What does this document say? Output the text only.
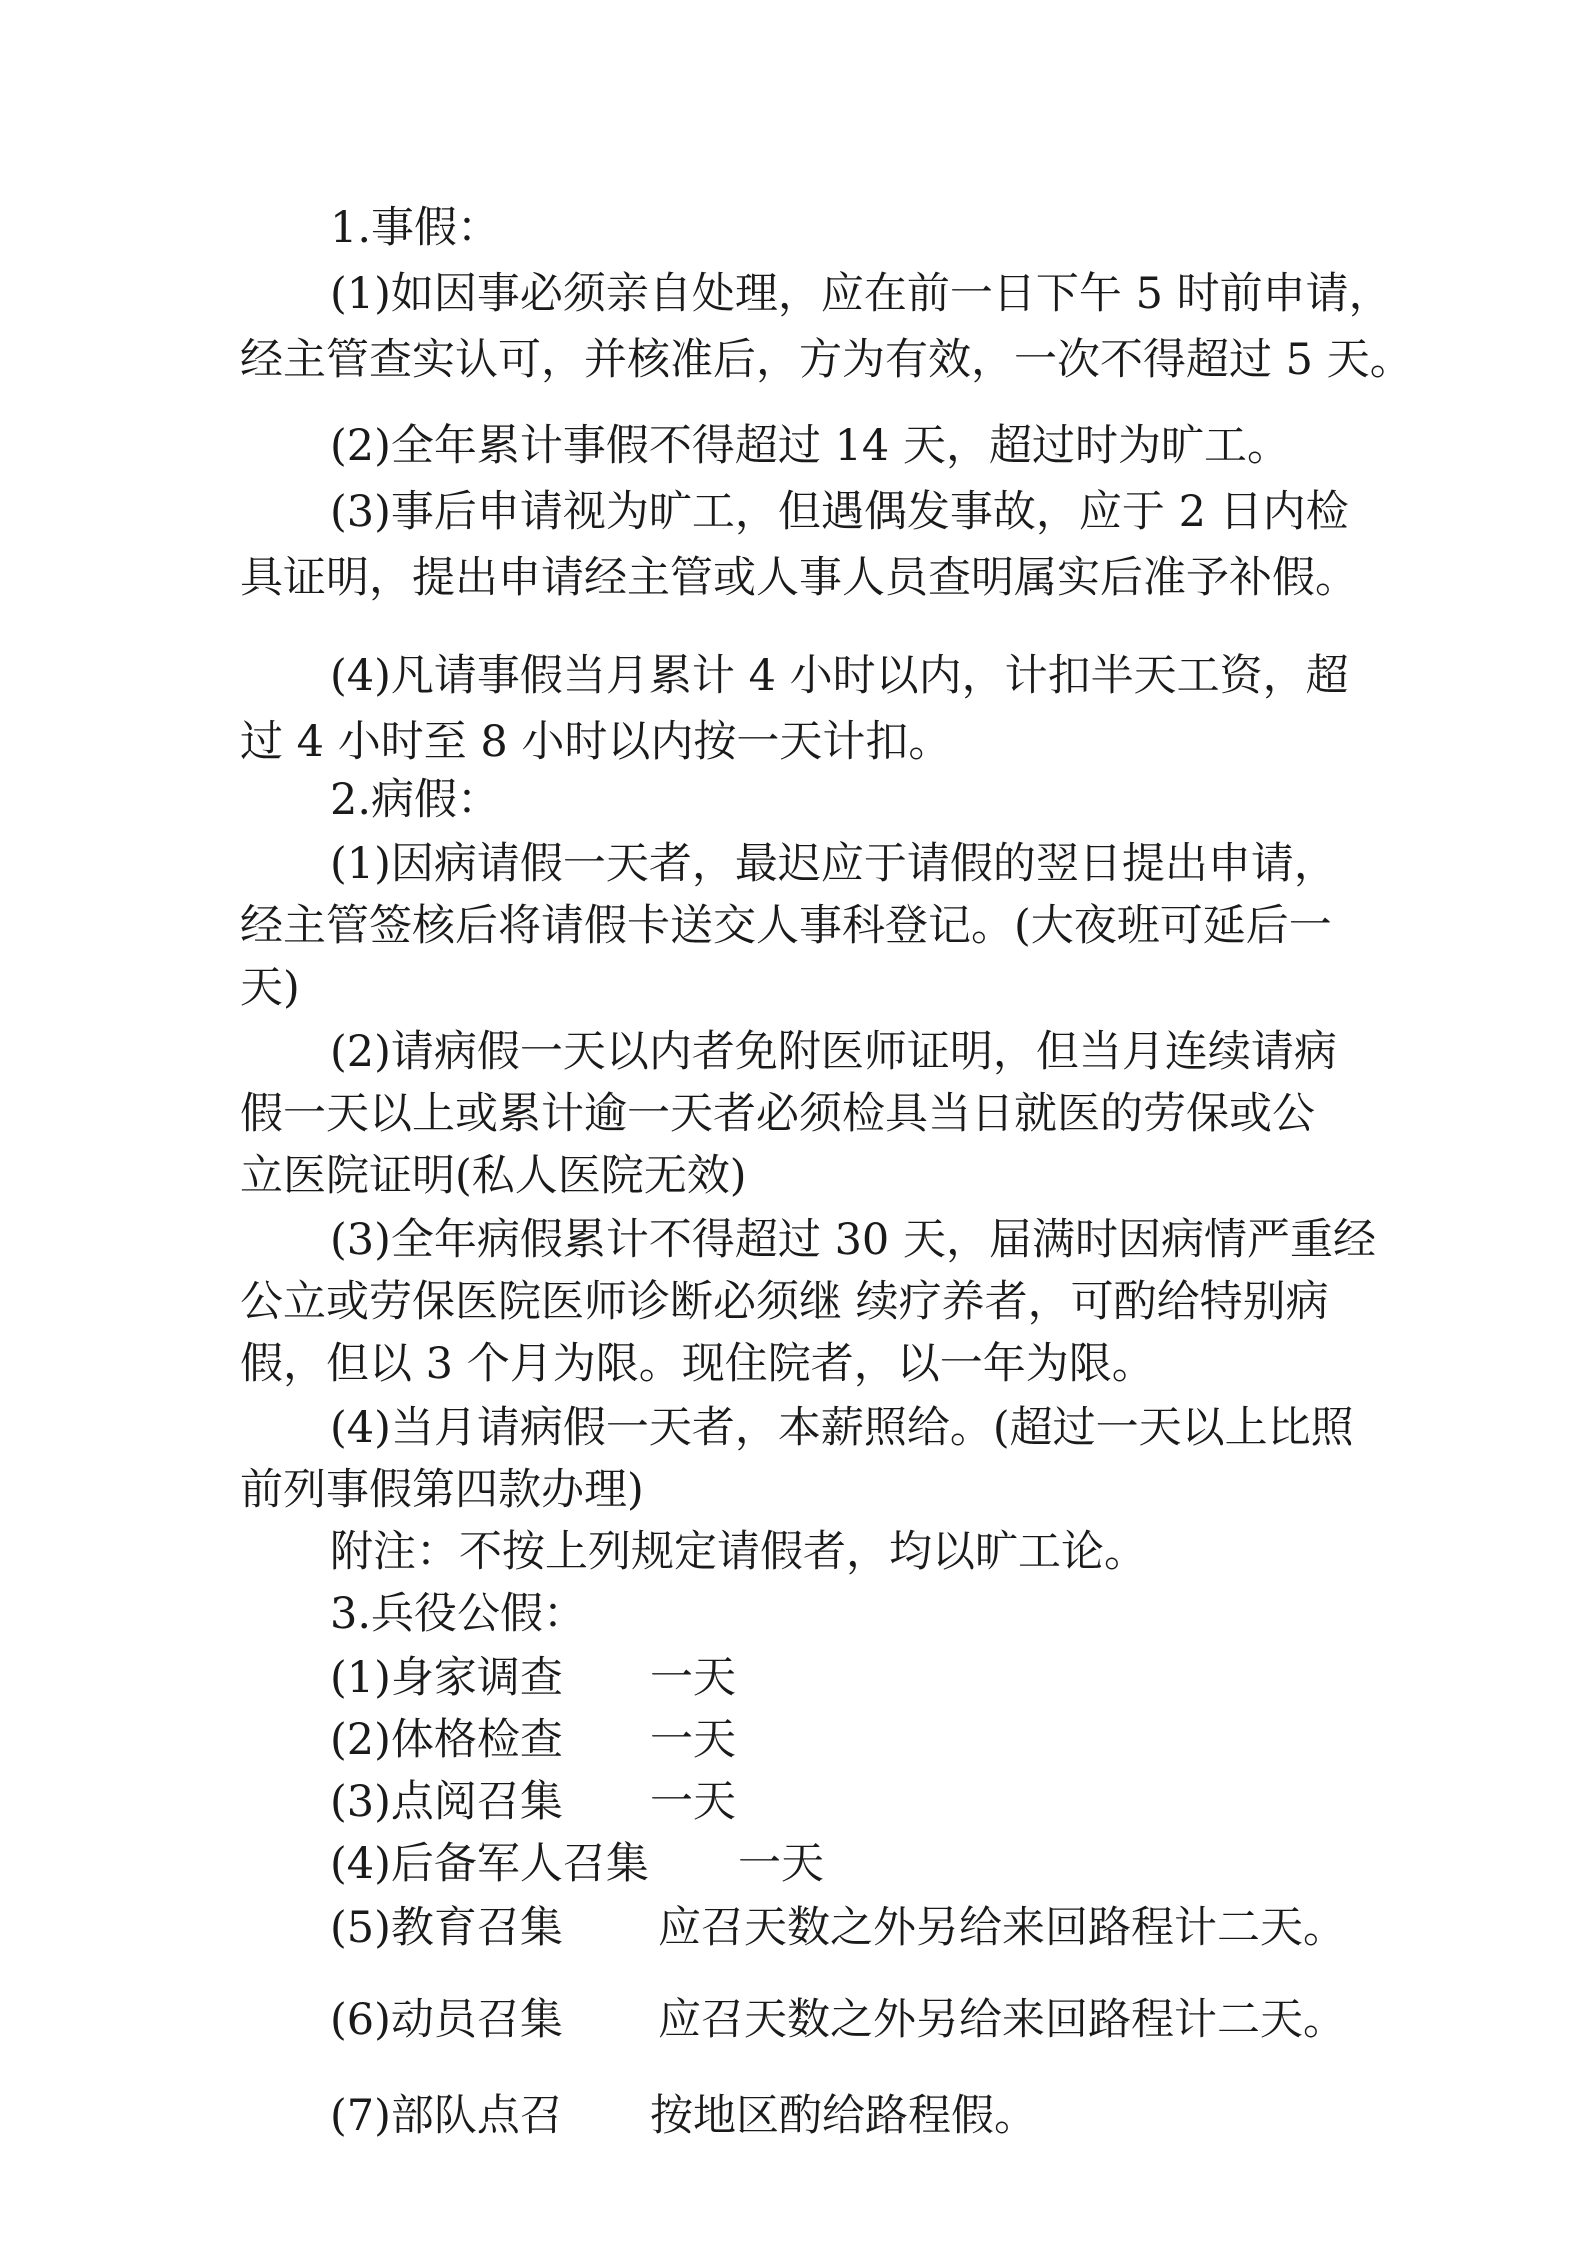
1.事假：

(1)如因事必须亲自处理，应在前一日下午 5 时前申请，

经主管查实认可，并核准后，方为有效，一次不得超过 5 天。

(2)全年累计事假不得超过 14 天，超过时为旷工。

(3)事后申请视为旷工，但遇偶发事故，应于 2 日内检

具证明，提出申请经主管或人事人员查明属实后准予补假。

(4)凡请事假当月累计 4 小时以内，计扣半天工资，超

过 4 小时至 8 小时以内按一天计扣。

2.病假：

(1)因病请假一天者，最迟应于请假的翌日提出申请，

经主管签核后将请假卡送交人事科登记。(大夜班可延后一

天)

(2)请病假一天以内者免附医师证明，但当月连续请病

假一天以上或累计逾一天者必须检具当日就医的劳保或公

立医院证明(私人医院无效)

(3)全年病假累计不得超过 30 天，届满时因病情严重经

公立或劳保医院医师诊断必须继 续疗养者，可酌给特别病

假，但以 3 个月为限。现住院者，以一年为限。

(4)当月请病假一天者，本薪照给。(超过一天以上比照

前列事假第四款办理)

附注：不按上列规定请假者，均以旷工论。

3.兵役公假：

(1)身家调查 一天
(2)体格检查 一天
(3)点阅召集 一天
(4)后备军人召集 一天
(5)教育召集 应召天数之外另给来回路程计二天。
(6)动员召集 应召天数之外另给来回路程计二天。
(7)部队点召 按地区酌给路程假。
